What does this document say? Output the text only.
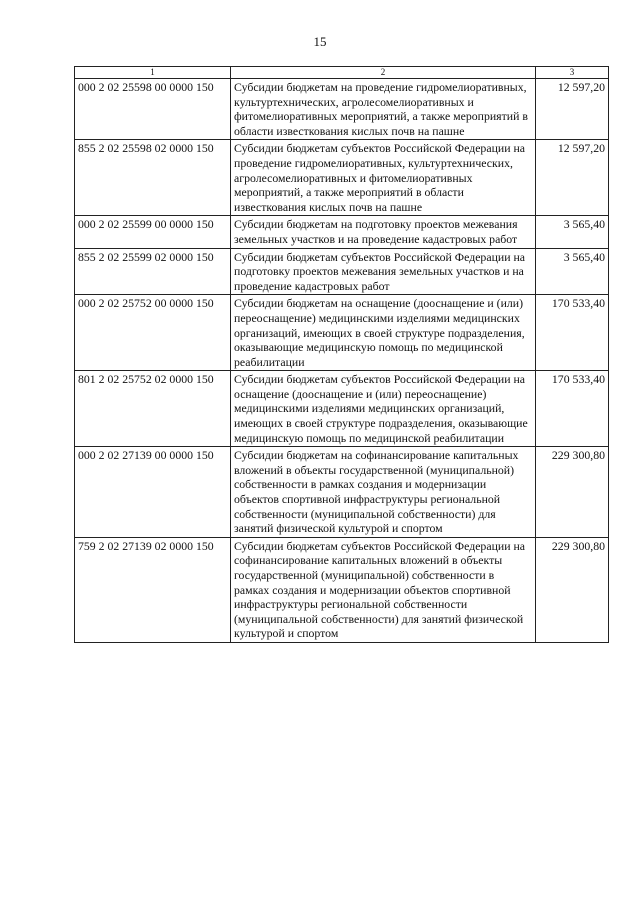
15
1	2	3
000 2 02 25598 00 0000 150	Субсидии бюджетам на проведение гидромелиоративных, культуртехнических, агролесомелиоративных и фитомелиоративных мероприятий, а также мероприятий в области известкования кислых почв на пашне	12 597,20
855 2 02 25598 02 0000 150	Субсидии бюджетам субъектов Российской Федерации на проведение гидромелиоративных, культуртехнических, агролесомелиоративных и фитомелиоративных мероприятий, а также мероприятий в области известкования кислых почв на пашне	12 597,20
000 2 02 25599 00 0000 150	Субсидии бюджетам на подготовку проектов межевания земельных участков и на проведение кадастровых работ	3 565,40
855 2 02 25599 02 0000 150	Субсидии бюджетам субъектов Российской Федерации на подготовку проектов межевания земельных участков и на проведение кадастровых работ	3 565,40
000 2 02 25752 00 0000 150	Субсидии бюджетам на оснащение (дооснащение и (или) переоснащение) медицинскими изделиями медицинских организаций, имеющих в своей структуре подразделения, оказывающие медицинскую помощь по медицинской реабилитации	170 533,40
801 2 02 25752 02 0000 150	Субсидии бюджетам субъектов Российской Федерации на оснащение (дооснащение и (или) переоснащение) медицинскими изделиями медицинских организаций, имеющих в своей структуре подразделения, оказывающие медицинскую помощь по медицинской реабилитации	170 533,40
000 2 02 27139 00 0000 150	Субсидии бюджетам на софинансирование капитальных вложений в объекты государственной (муниципальной) собственности в рамках создания и модернизации объектов спортивной инфраструктуры региональной собственности (муниципальной собственности) для занятий физической культурой и спортом	229 300,80
759 2 02 27139 02 0000 150	Субсидии бюджетам субъектов Российской Федерации на софинансирование капитальных вложений в объекты государственной (муниципальной) собственности в рамках создания и модернизации объектов спортивной инфраструктуры региональной собственности (муниципальной собственности) для занятий физической культурой и спортом	229 300,80
